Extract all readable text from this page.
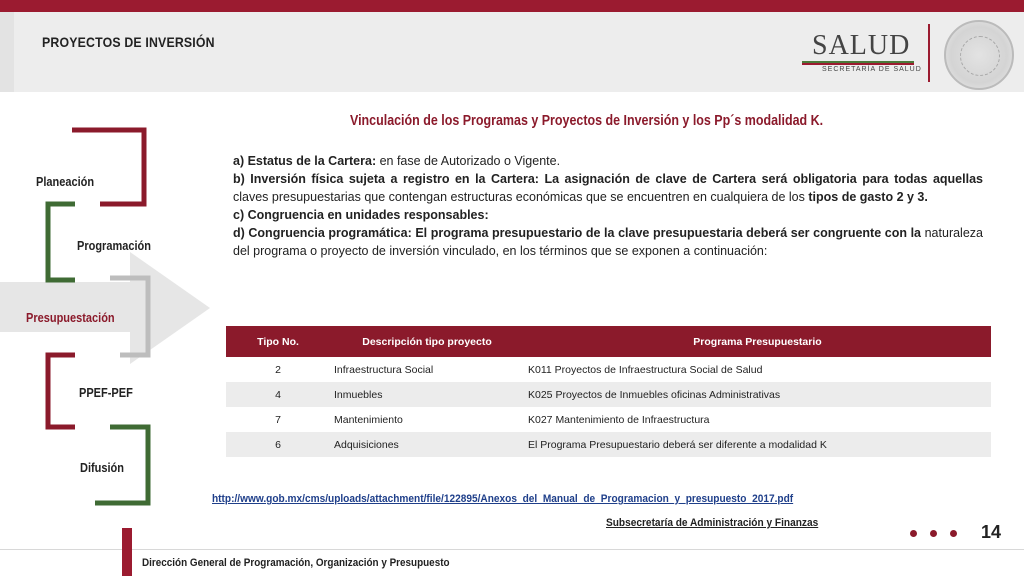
PROYECTOS DE INVERSIÓN	SALUD
SECRETARÍA DE SALUD
Vinculación de los Programas y Proyectos de Inversión y los Pp´s modalidad K.

a) Estatus de la Cartera: en fase de Autorizado o Vigente.

b) Inversión física sujeta a registro en la Cartera: La asignación de clave de Cartera será obligatoria para todas aquellas claves presupuestarias que contengan estructuras económicas que se encuentren en cualquiera de los tipos de gasto 2 y 3.

c) Congruencia en unidades responsables:

d) Congruencia programática: El programa presupuestario de la clave presupuestaria deberá ser congruente con la naturaleza del programa o proyecto de inversión vinculado, en los términos que se exponen a continuación:

Planeación
Programación
Presupuestación
PPEF-PEF
Difusión
Tipo No.	Descripción tipo proyecto	Programa Presupuestario
2	Infraestructura Social	K011 Proyectos de Infraestructura Social de Salud
4	Inmuebles	K025 Proyectos de Inmuebles oficinas Administrativas
7	Mantenimiento	K027 Mantenimiento de Infraestructura
6	Adquisiciones	El Programa Presupuestario deberá ser diferente a modalidad K
http://www.gob.mx/cms/uploads/attachment/file/122895/Anexos_del_Manual_de_Programacion_y_presupuesto_2017.pdf
Subsecretaría de Administración y Finanzas	14
Dirección General de Programación, Organización y Presupuesto
